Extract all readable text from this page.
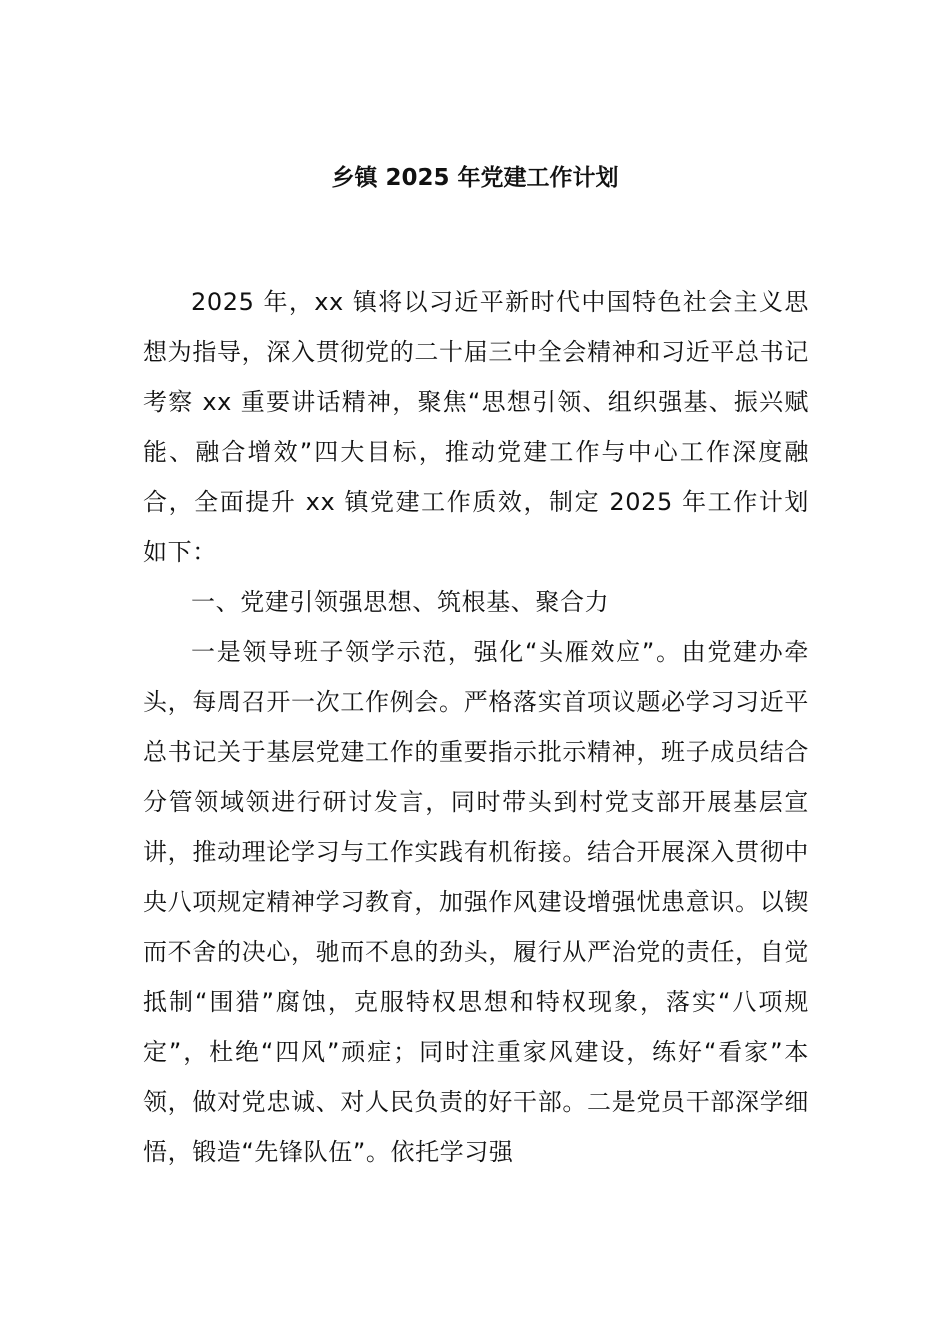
乡镇 2025 年党建工作计划

2025 年，xx 镇将以习近平新时代中国特色社会主义思想为指导，深入贯彻党的二十届三中全会精神和习近平总书记考察 xx 重要讲话精神，聚焦“思想引领、组织强基、振兴赋能、融合增效”四大目标，推动党建工作与中心工作深度融合，全面提升 xx 镇党建工作质效，制定 2025 年工作计划如下：

一、党建引领强思想、筑根基、聚合力

一是领导班子领学示范，强化“头雁效应”。由党建办牵头，每周召开一次工作例会。严格落实首项议题必学习习近平总书记关于基层党建工作的重要指示批示精神，班子成员结合分管领域领进行研讨发言，同时带头到村党支部开展基层宣讲，推动理论学习与工作实践有机衔接。结合开展深入贯彻中央八项规定精神学习教育，加强作风建设增强忧患意识。以锲而不舍的决心，驰而不息的劲头，履行从严治党的责任，自觉抵制“围猎”腐蚀，克服特权思想和特权现象，落实“八项规定”，杜绝“四风”顽症；同时注重家风建设，练好“看家”本领，做对党忠诚、对人民负责的好干部。二是党员干部深学细悟，锻造“先锋队伍”。依托学习强
